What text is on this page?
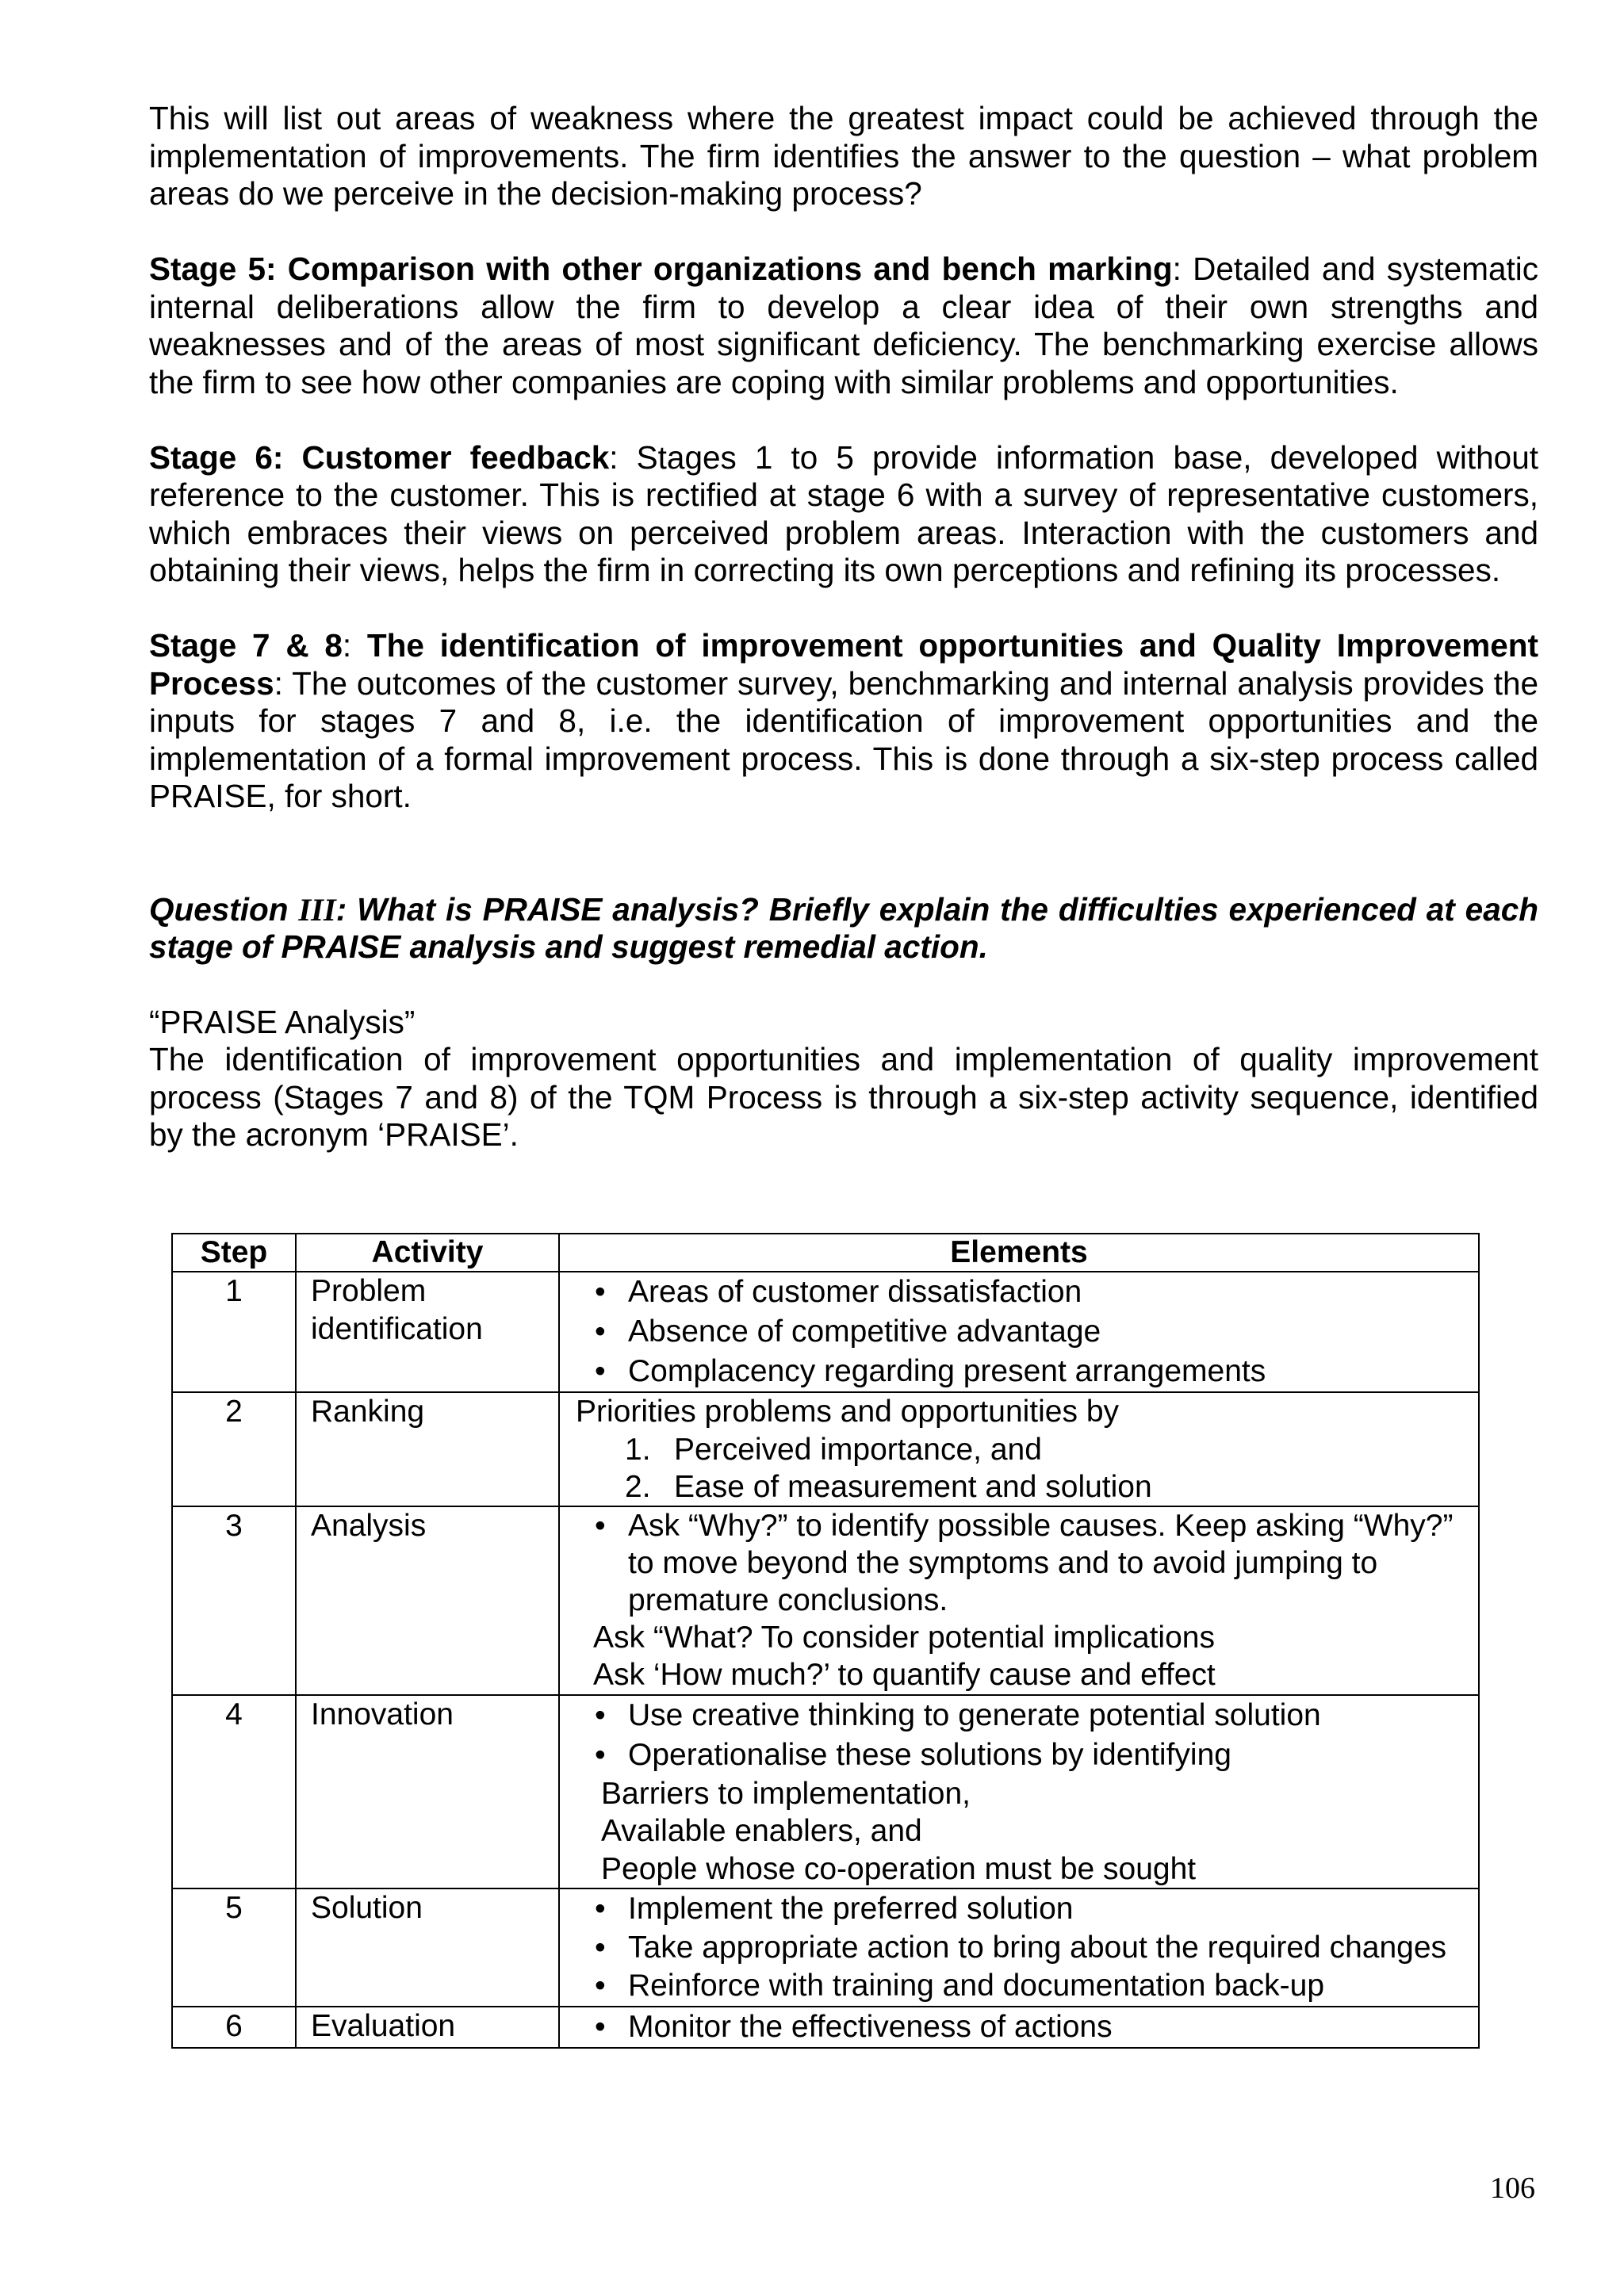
This will list out areas of weakness where the greatest impact could be achieved through the implementation of improvements. The firm identifies the answer to the question – what problem areas do we perceive in the decision-making process?

Stage 5: Comparison with other organizations and bench marking: Detailed and systematic internal deliberations allow the firm to develop a clear idea of their own strengths and weaknesses and of the areas of most significant deficiency. The benchmarking exercise allows the firm to see how other companies are coping with similar problems and opportunities.

Stage 6: Customer feedback: Stages 1 to 5 provide information base, developed without reference to the customer. This is rectified at stage 6 with a survey of representative customers, which embraces their views on perceived problem areas. Interaction with the customers and obtaining their views, helps the firm in correcting its own perceptions and refining its processes.

Stage 7 & 8: The identification of improvement opportunities and Quality Improvement Process: The outcomes of the customer survey, benchmarking and internal analysis provides the inputs for stages 7 and 8, i.e. the identification of improvement opportunities and the implementation of a formal improvement process. This is done through a six-step process called PRAISE, for short.

Question III: What is PRAISE analysis? Briefly explain the difficulties experienced at each stage of PRAISE analysis and suggest remedial action.

“PRAISE Analysis”

The identification of improvement opportunities and implementation of quality improvement process (Stages 7 and 8) of the TQM Process is through a six-step activity sequence, identified by the acronym ‘PRAISE’.

Step	Activity	Elements
1	Problem identification	• Areas of customer dissatisfaction
• Absence of competitive advantage
• Complacency regarding present arrangements

2	Ranking	Priorities problems and opportunities by
1. Perceived importance, and
2. Ease of measurement and solution

3	Analysis	• Ask “Why?” to identify possible causes. Keep asking “Why?” to move beyond the symptoms and to avoid jumping to premature conclusions.
Ask “What? To consider potential implications
Ask ‘How much?’ to quantify cause and effect

4	Innovation	• Use creative thinking to generate potential solution
• Operationalise these solutions by identifying
Barriers to implementation,
Available enablers, and
People whose co-operation must be sought

5	Solution	• Implement the preferred solution
• Take appropriate action to bring about the required changes
• Reinforce with training and documentation back-up

6	Evaluation	• Monitor the effectiveness of actions
106
